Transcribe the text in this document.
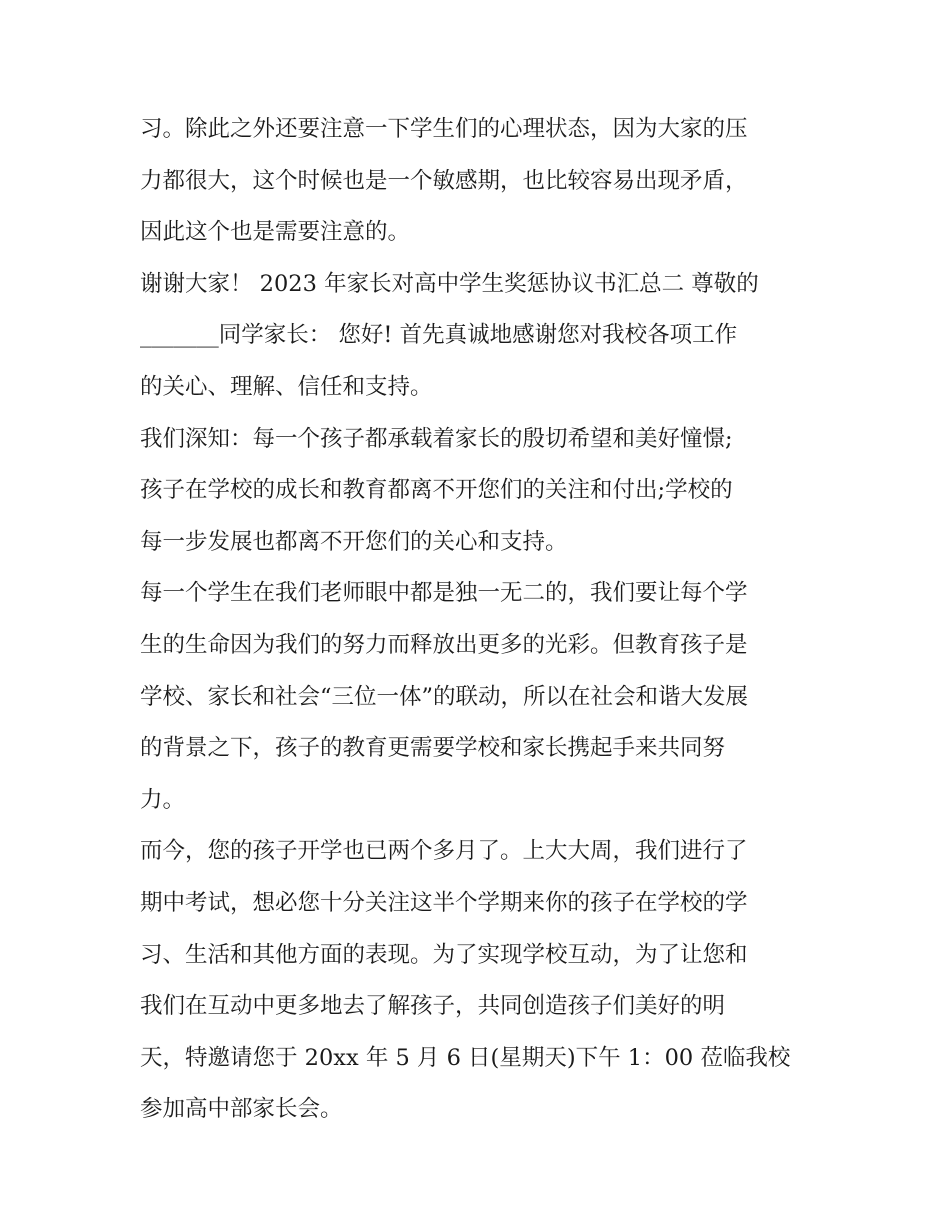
习。除此之外还要注意一下学生们的心理状态，因为大家的压

力都很大，这个时候也是一个敏感期，也比较容易出现矛盾，

因此这个也是需要注意的。

谢谢大家！ 2023 年家长对高中学生奖惩协议书汇总二 尊敬的

_______同学家长： 您好! 首先真诚地感谢您对我校各项工作

的关心、理解、信任和支持。

我们深知：每一个孩子都承载着家长的殷切希望和美好憧憬;

孩子在学校的成长和教育都离不开您们的关注和付出;学校的

每一步发展也都离不开您们的关心和支持。

每一个学生在我们老师眼中都是独一无二的，我们要让每个学

生的生命因为我们的努力而释放出更多的光彩。但教育孩子是

学校、家长和社会“三位一体”的联动，所以在社会和谐大发展

的背景之下，孩子的教育更需要学校和家长携起手来共同努

力。

而今，您的孩子开学也已两个多月了。上大大周，我们进行了

期中考试，想必您十分关注这半个学期来你的孩子在学校的学

习、生活和其他方面的表现。为了实现学校互动，为了让您和

我们在互动中更多地去了解孩子，共同创造孩子们美好的明

天，特邀请您于 20xx 年 5 月 6 日(星期天)下午 1：00 莅临我校

参加高中部家长会。
